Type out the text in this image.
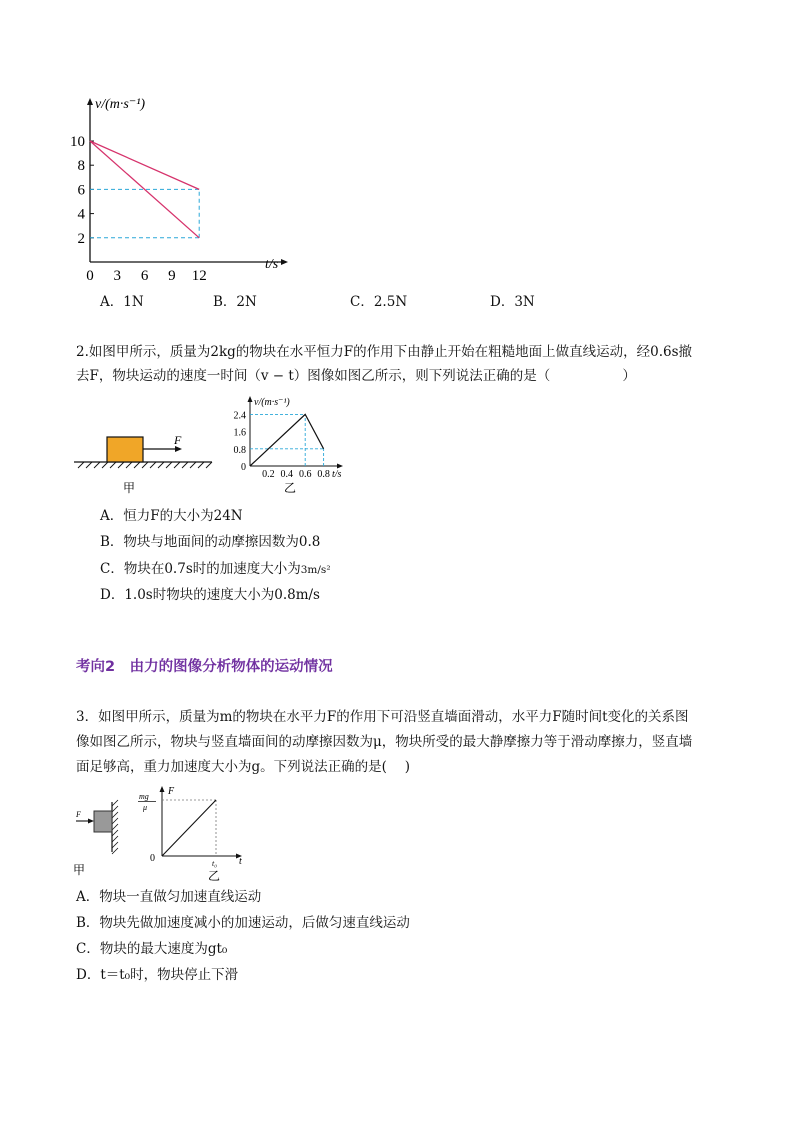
v/(m·s⁻¹)
t/s
10
8
6
4
2
0 3 6 9 12
A．1N	B．2N	C．2.5N	D．3N
2.如图甲所示，质量为2kg的物块在水平恒力F的作用下由静止开始在粗糙地面上做直线运动，经0.6s撤
去F，物块运动的速度一时间（v − t）图像如图乙所示，则下列说法正确的是（	）
F
甲
v/(m·s⁻¹)
t/s
0
2.4
1.6
0.8
0.2 0.4 0.6 0.8
乙
A．恒力F的大小为24N
B．物块与地面间的动摩擦因数为0.8
C．物块在0.7s时的加速度大小为3m/s²
D．1.0s时物块的速度大小为0.8m/s
考向2　由力的图像分析物体的运动情况
3．如图甲所示，质量为m的物块在水平力F的作用下可沿竖直墙面滑动，水平力F随时间t变化的关系图
像如图乙所示，物块与竖直墙面间的动摩擦因数为μ，物块所受的最大静摩擦力等于滑动摩擦力，竖直墙
面足够高，重力加速度大小为g。下列说法正确的是(　 )
F
甲
F
t
mg
μ
0	t₀
乙
A．物块一直做匀加速直线运动
B．物块先做加速度减小的加速运动，后做匀速直线运动
C．物块的最大速度为gt₀
D．t＝t₀时，物块停止下滑
